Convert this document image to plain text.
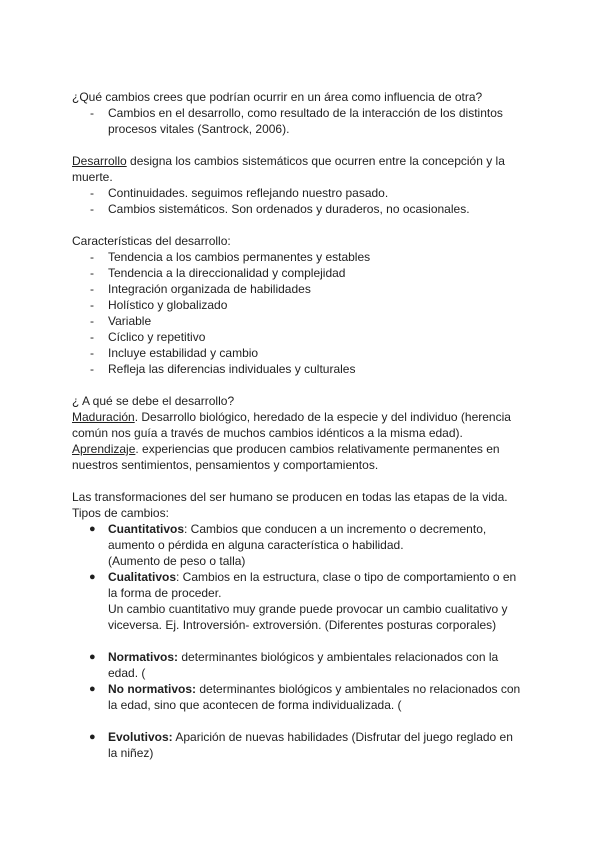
¿Qué cambios crees que podrían ocurrir en un área como influencia de otra?
- Cambios en el desarrollo, como resultado de la interacción de los distintos
procesos vitales (Santrock, 2006).
Desarrollo designa los cambios sistemáticos que ocurren entre la concepción y la
muerte.
- Continuidades. seguimos reflejando nuestro pasado.
- Cambios sistemáticos. Son ordenados y duraderos, no ocasionales.
Características del desarrollo:
- Tendencia a los cambios permanentes y estables
- Tendencia a la direccionalidad y complejidad
- Integración organizada de habilidades
- Holístico y globalizado
- Variable
- Cíclico y repetitivo
- Incluye estabilidad y cambio
- Refleja las diferencias individuales y culturales
¿ A qué se debe el desarrollo?
Maduración. Desarrollo biológico, heredado de la especie y del individuo (herencia
común nos guía a través de muchos cambios idénticos a la misma edad).
Aprendizaje. experiencias que producen cambios relativamente permanentes en
nuestros sentimientos, pensamientos y comportamientos.
Las transformaciones del ser humano se producen en todas las etapas de la vida.
Tipos de cambios:
● Cuantitativos: Cambios que conducen a un incremento o decremento,
aumento o pérdida en alguna característica o habilidad.
(Aumento de peso o talla)
● Cualitativos: Cambios en la estructura, clase o tipo de comportamiento o en
la forma de proceder.
Un cambio cuantitativo muy grande puede provocar un cambio cualitativo y
viceversa. Ej. Introversión- extroversión. (Diferentes posturas corporales)
● Normativos: determinantes biológicos y ambientales relacionados con la
edad. (
● No normativos: determinantes biológicos y ambientales no relacionados con
la edad, sino que acontecen de forma individualizada. (
● Evolutivos: Aparición de nuevas habilidades (Disfrutar del juego reglado en
la niñez)
